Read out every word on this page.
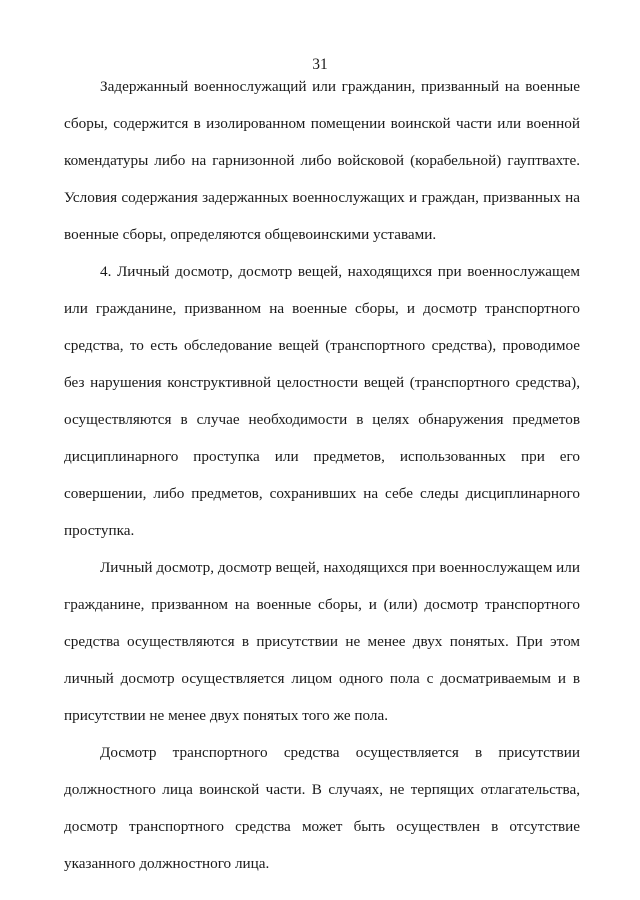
31
Задержанный военнослужащий или гражданин, призванный на военные
сборы, содержится в изолированном помещении воинской части или военной
комендатуры либо на гарнизонной либо войсковой (корабельной) гауптвахте.
Условия содержания задержанных военнослужащих и граждан, призванных на
военные сборы, определяются общевоинскими уставами.
4. Личный досмотр, досмотр вещей, находящихся при военнослужащем
или гражданине, призванном на военные сборы, и досмотр транспортного
средства, то есть обследование вещей (транспортного средства), проводимое
без нарушения конструктивной целостности вещей (транспортного средства),
осуществляются в случае необходимости в целях обнаружения предметов
дисциплинарного проступка или предметов, использованных при его
совершении, либо предметов, сохранивших на себе следы дисциплинарного
проступка.
Личный досмотр, досмотр вещей, находящихся при военнослужащем или
гражданине, призванном на военные сборы, и (или) досмотр транспортного
средства осуществляются в присутствии не менее двух понятых. При этом
личный досмотр осуществляется лицом одного пола с досматриваемым и в
присутствии не менее двух понятых того же пола.
Досмотр транспортного средства осуществляется в присутствии
должностного лица воинской части. В случаях, не терпящих отлагательства,
досмотр транспортного средства может быть осуществлен в отсутствие
указанного должностного лица.
